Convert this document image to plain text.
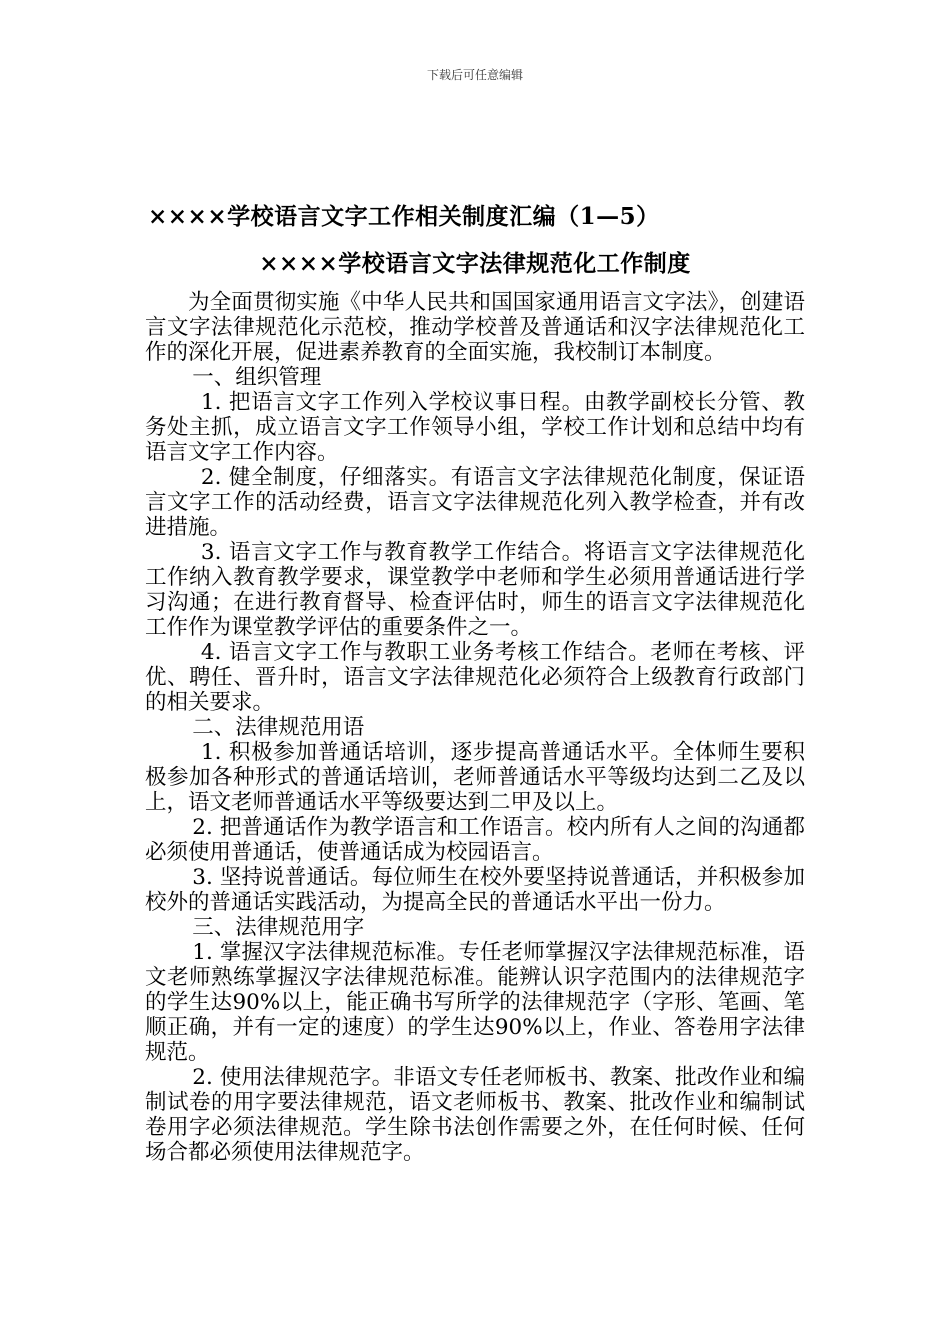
下载后可任意编辑
××××学校语言文字工作相关制度汇编（1—5）
××××学校语言文字法律规范化工作制度

为全面贯彻实施《中华人民共和国国家通用语言文字法》，创建语言文字法律规范化示范校，推动学校普及普通话和汉字法律规范化工作的深化开展，促进素养教育的全面实施，我校制订本制度。

一、组织管理

1. 把语言文字工作列入学校议事日程。由教学副校长分管、教务处主抓，成立语言文字工作领导小组，学校工作计划和总结中均有语言文字工作内容。

2. 健全制度，仔细落实。有语言文字法律规范化制度，保证语言文字工作的活动经费，语言文字法律规范化列入教学检查，并有改进措施。

3. 语言文字工作与教育教学工作结合。将语言文字法律规范化工作纳入教育教学要求，课堂教学中老师和学生必须用普通话进行学习沟通；在进行教育督导、检查评估时，师生的语言文字法律规范化工作作为课堂教学评估的重要条件之一。

4. 语言文字工作与教职工业务考核工作结合。老师在考核、评优、聘任、晋升时，语言文字法律规范化必须符合上级教育行政部门的相关要求。

二、法律规范用语

1. 积极参加普通话培训，逐步提高普通话水平。全体师生要积极参加各种形式的普通话培训，老师普通话水平等级均达到二乙及以上，语文老师普通话水平等级要达到二甲及以上。

2. 把普通话作为教学语言和工作语言。校内所有人之间的沟通都必须使用普通话，使普通话成为校园语言。

3. 坚持说普通话。每位师生在校外要坚持说普通话，并积极参加校外的普通话实践活动，为提高全民的普通话水平出一份力。

三、法律规范用字

1. 掌握汉字法律规范标准。专任老师掌握汉字法律规范标准，语文老师熟练掌握汉字法律规范标准。能辨认识字范围内的法律规范字的学生达90%以上，能正确书写所学的法律规范字（字形、笔画、笔顺正确，并有一定的速度）的学生达90%以上，作业、答卷用字法律规范。

2. 使用法律规范字。非语文专任老师板书、教案、批改作业和编制试卷的用字要法律规范，语文老师板书、教案、批改作业和编制试卷用字必须法律规范。学生除书法创作需要之外，在任何时候、任何场合都必须使用法律规范字。
